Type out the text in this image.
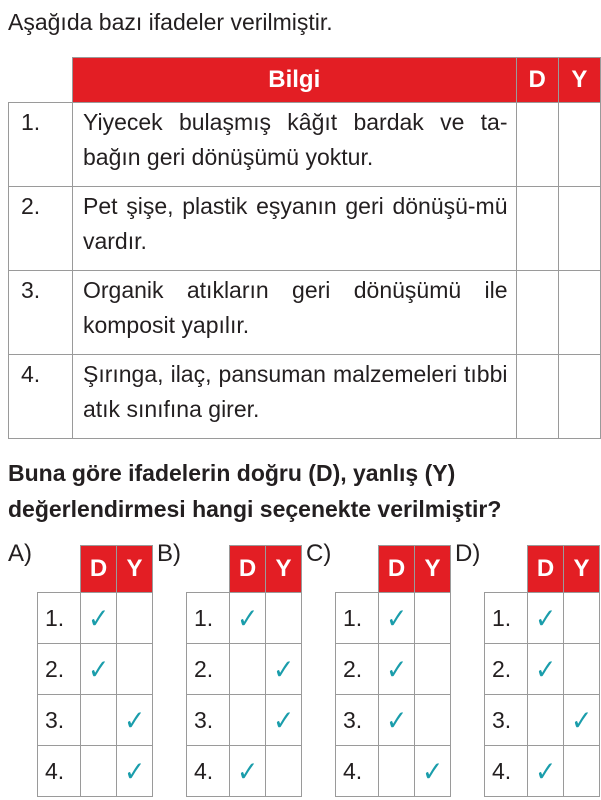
Aşağıda bazı ifadeler verilmiştir.
	Bilgi	D	Y
1.	Yiyecek bulaşmış kâğıt bardak ve ta-bağın geri dönüşümü yoktur.		
2.	Pet şişe, plastik eşyanın geri dönüşü-mü vardır.		
3.	Organik atıkların geri dönüşümü ile komposit yapılır.		
4.	Şırınga, ilaç, pansuman malzemeleri tıbbi atık sınıfına girer.		
Buna göre ifadelerin doğru (D), yanlış (Y) değerlendirmesi hangi seçenekte verilmiştir?
A)
	D	Y
1.	✓	
2.	✓	
3.		✓
4.		✓
B)
	D	Y
1.	✓	
2.		✓
3.		✓
4.	✓	
C)
	D	Y
1.	✓	
2.	✓	
3.	✓	
4.		✓
D)
	D	Y
1.	✓	
2.	✓	
3.		✓
4.	✓	
